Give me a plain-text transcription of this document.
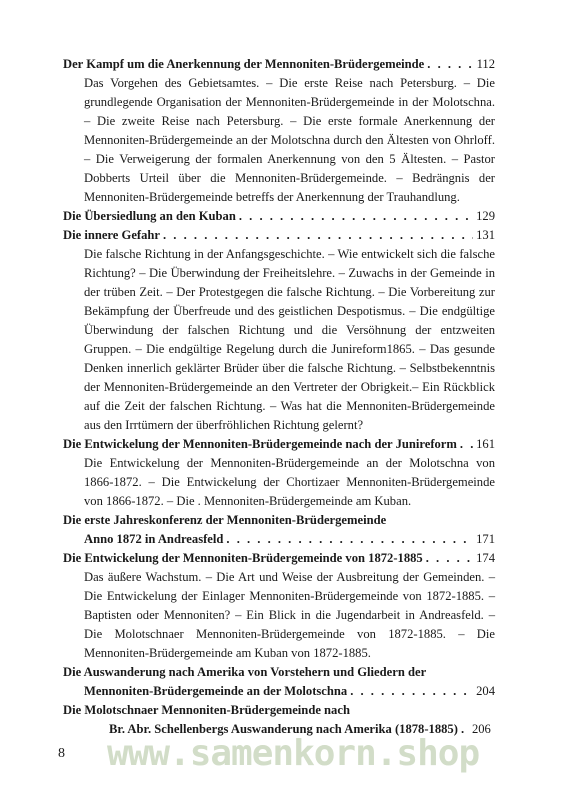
Der Kampf um die Anerkennung der Mennoniten-Brüdergemeinde . . .	112

Das Vorgehen des Gebietsamtes. – Die erste Reise nach Petersburg. – Die grundlegende Organisation der Mennoniten-Brüdergemeinde in der Molotschna. – Die zweite Reise nach Petersburg. – Die erste formale Anerkennung der Mennoniten-Brüdergemeinde an der Molotschna durch den Ältesten von Ohrloff. – Die Verweigerung der formalen Anerkennung von den 5 Ältesten. – Pastor Dobberts Urteil über die Mennoniten-Brüdergemeinde. – Bedrängnis der Mennoniten-Brüdergemeinde betreffs der Anerkennung der Trauhandlung.

Die Übersiedlung an den Kuban . . .	129
Die innere Gefahr . . .	131

Die falsche Richtung in der Anfangsgeschichte. – Wie entwickelt sich die falsche Richtung? – Die Überwindung der Freiheitslehre. – Zuwachs in der Gemeinde in der trüben Zeit. – Der Protestgegen die falsche Richtung. – Die Vorbereitung zur Bekämpfung der Überfreude und des geistlichen Despotismus. – Die endgültige Überwindung der falschen Richtung und die Versöhnung der entzweiten Gruppen. – Die endgültige Regelung durch die Junireform1865. – Das gesunde Denken innerlich geklärter Brüder über die falsche Richtung. – Selbstbekenntnis der Mennoniten-Brüdergemeinde an den Vertreter der Obrigkeit.– Ein Rückblick auf die Zeit der falschen Richtung. – Was hat die Mennoniten-Brüdergemeinde aus den Irrtümern der überfröhlichen Richtung gelernt?

Die Entwickelung der Mennoniten-Brüdergemeinde nach der Junireform . . . 161

Die Entwickelung der Mennoniten-Brüdergemeinde an der Molotschna von 1866-1872. – Die Entwickelung der Chortizaer Mennoniten-Brüdergemeinde von 1866-1872. – Die . Mennoniten-Brüdergemeinde am Kuban.

Die erste Jahreskonferenz der Mennoniten-Brüdergemeinde
Anno 1872 in Andreasfeld . . .	171
Die Entwickelung der Mennoniten-Brüdergemeinde von 1872-1885 . . .	174

Das äußere Wachstum. – Die Art und Weise der Ausbreitung der Gemeinden. – Die Entwickelung der Einlager Mennoniten-Brüdergemeinde von 1872-1885. – Baptisten oder Mennoniten? – Ein Blick in die Jugendarbeit in Andreasfeld. – Die Molotschnaer Mennoniten-Brüdergemeinde von 1872-1885. – Die Mennoniten-Brüdergemeinde am Kuban von 1872-1885.

Die Auswanderung nach Amerika von Vorstehern und Gliedern der
Mennoniten-Brüdergemeinde an der Molotschna . . .	204
Die Molotschnaer Mennoniten-Brüdergemeinde nach
Br. Abr. Schellenbergs Auswanderung nach Amerika (1878-1885) . . . 206
8 www.samenkorn.shop
